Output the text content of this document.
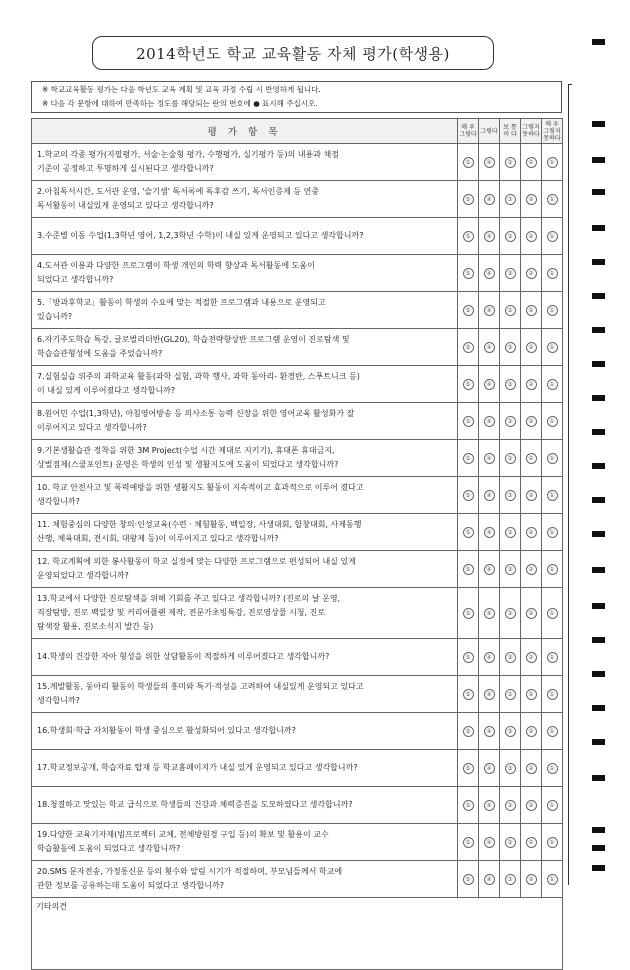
2014학년도 학교 교육활동 자체 평가(학생용)
※ 학교교육활동 평가는 다음 학년도 교육 계획 및 교육 과정 수립 시 반영하게 됩니다.
※ 다음 각 문항에 대하여 만족하는 정도를 해당되는 란의 번호에 ● 표시해 주십시오.
평 가 항 목	매 우 그렇다	그렇다	보 통 이 다	그렇지 못하다	매 우 그렇지 못하다

1.학교의 각종 평가(지필평가, 서술·논술형 평가, 수행평가, 실기평가 등)의 내용과 채점
기준이 공정하고 투명하게 실시된다고 생각합니까?	⑤	④	③	②	①

2.아침독서시간, 도서관 운영, '슬기샘' 독서록에 독후감 쓰기, 독서인증제 등 연중
독서활동이 내실있게 운영되고 있다고 생각합니까?	⑤	④	③	②	①

3.수준별 이동 수업(1,3학년 영어, 1,2,3학년 수학)이 내실 있게 운영되고 있다고 생각합니까?	⑤	④	③	②	①

4.도서관 이용과 다양한 프로그램이 학생 개인의 학력 향상과 독서활동에 도움이
되었다고 생각합니까?	⑤	④	③	②	①

5.「방과후학교」활동이 학생의 수요에 맞는 적절한 프로그램과 내용으로 운영되고
있습니까?	⑤	④	③	②	①

6.자기주도학습 특강, 글로벌리더반(GL20), 학습전략향상반 프로그램 운영이 진로탐색 및
학습습관형성에 도움을 주었습니까?	⑤	④	③	②	①

7.실험실습 위주의 과학교육 활동(과학 실험, 과학 행사, 과학 동아리- 환경반, 스푸트니크 등)
이 내실 있게 이루어졌다고 생각합니까?	⑤	④	③	②	①

8.원어민 수업(1,3학년), 아침영어방송 등 의사소통 능력 신장을 위한 영어교육 활성화가 잘
이루어지고 있다고 생각합니까?	⑤	④	③	②	①

9.기본생활습관 정착을 위한 3M Project(수업 시간 제대로 지키기), 휴대폰 휴대금지,
상벌점제(스쿨포인트) 운영은 학생의 인성 및 생활지도에 도움이 되었다고 생각합니까?	⑤	④	③	②	①

10. 학교 안전사고 및 폭력예방을 위한 생활지도 활동이 지속적이고 효과적으로 이루어 졌다고
생각합니까?	⑤	④	③	②	①

11. 체험중심의 다양한 창의·인성교육(수련 · 체험활동, 백일장, 사생대회, 합창대회, 사제동행
산행, 체육대회, 전시회, 대왕제 등)이 이루어지고 있다고 생각합니까?	⑤	④	③	②	①

12. 학교계획에 의한 봉사활동이 학교 실정에 맞는 다양한 프로그램으로 편성되어 내실 있게
운영되었다고 생각합니까?	⑤	④	③	②	①

13.학교에서 다양한 진로탐색을 위해 기회를 주고 있다고 생각합니까? (진로의 날 운영,
직장탐방, 진로 백일장 및 커리어플랜 제작, 전문가초빙특강, 진로영상물 시청, 진로
탐색장 활용, 진로소식지 발간 등)	⑤	④	③	②	①

14.학생의 건강한 자아 형성을 위한 상담활동이 적절하게 이루어졌다고 생각합니까?	⑤	④	③	②	①

15.계발활동, 동아리 활동이 학생들의 흥미와 특기·적성을 고려하여 내실있게 운영되고 있다고
생각합니까?	⑤	④	③	②	①

16.학생회·학급 자치활동이 학생 중심으로 활성화되어 있다고 생각합니까?	⑤	④	③	②	①

17.학교정보공개, 학습자료 탑재 등 학교홈페이지가 내실 있게 운영되고 있다고 생각합니까?	⑤	④	③	②	①

18.청결하고 맛있는 학교 급식으로 학생들의 건강과 체력증진을 도모하였다고 생각합니까?	⑤	④	③	②	①

19.다양한 교육기자재(빔프로젝터 교체, 전체방원경 구입 등)의 확보 및 활용이 교수
학습활동에 도움이 되었다고 생각합니까?	⑤	④	③	②	①

20.SMS 문자전송, 가정통신문 등의 횟수와 알림 시기가 적절하며, 부모님들께서 학교에
관한 정보를 공유하는데 도움이 되었다고 생각합니까?	⑤	④	③	②	①
기타의견					
